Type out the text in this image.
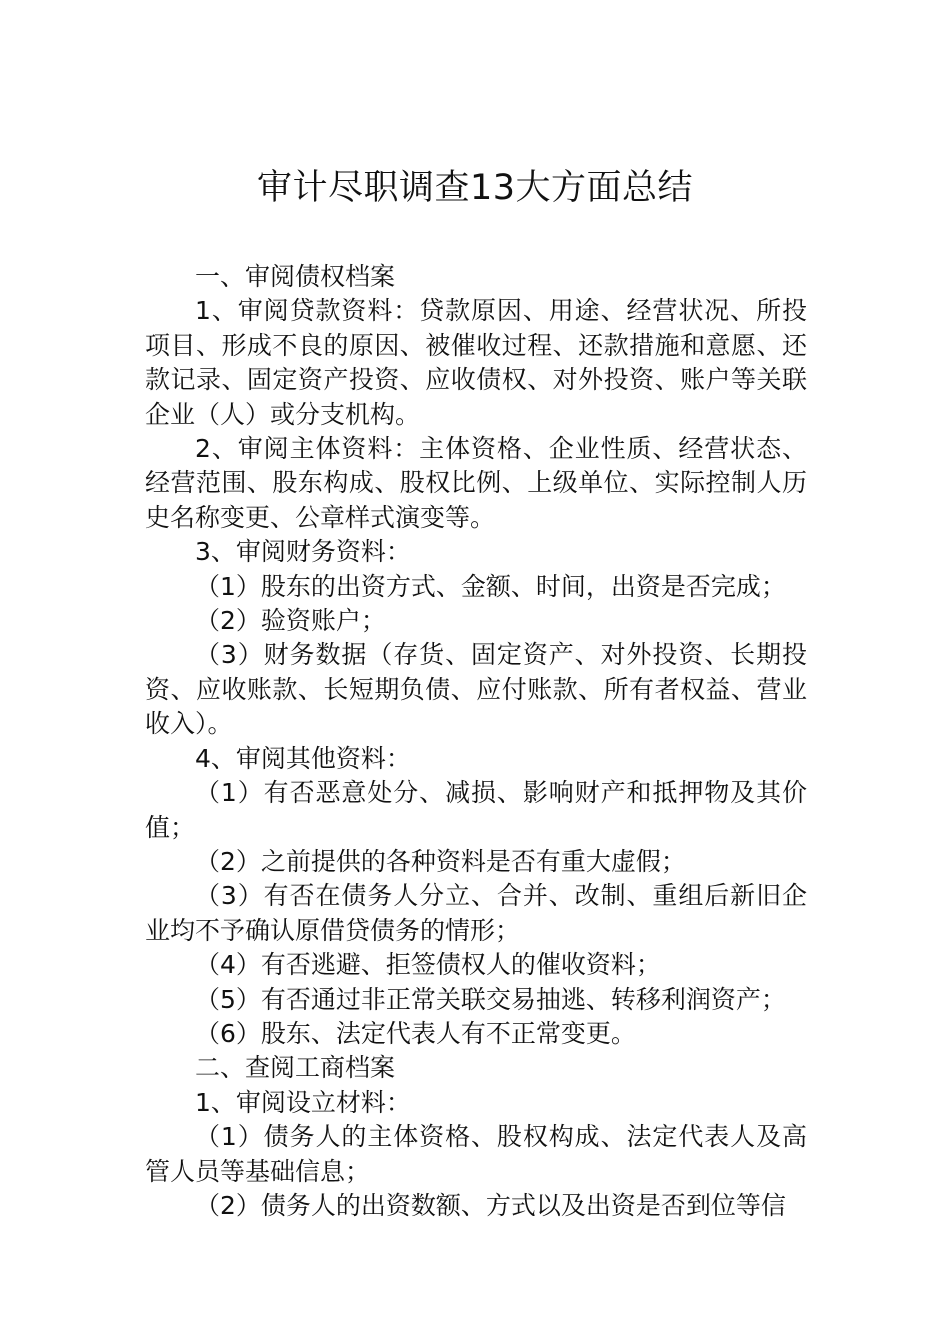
审计尽职调查13大方面总结

一、审阅债权档案

1、审阅贷款资料：贷款原因、用途、经营状况、所投项目、形成不良的原因、被催收过程、还款措施和意愿、还款记录、固定资产投资、应收债权、对外投资、账户等关联企业（人）或分支机构。

2、审阅主体资料：主体资格、企业性质、经营状态、经营范围、股东构成、股权比例、上级单位、实际控制人历史名称变更、公章样式演变等。

3、审阅财务资料：

（1）股东的出资方式、金额、时间，出资是否完成；

（2）验资账户；

（3）财务数据（存货、固定资产、对外投资、长期投资、应收账款、长短期负债、应付账款、所有者权益、营业收入）。

4、审阅其他资料：

（1）有否恶意处分、减损、影响财产和抵押物及其价值；

（2）之前提供的各种资料是否有重大虚假；

（3）有否在债务人分立、合并、改制、重组后新旧企业均不予确认原借贷债务的情形；

（4）有否逃避、拒签债权人的催收资料；

（5）有否通过非正常关联交易抽逃、转移利润资产；

（6）股东、法定代表人有不正常变更。

二、查阅工商档案

1、审阅设立材料：

（1）债务人的主体资格、股权构成、法定代表人及高管人员等基础信息；

（2）债务人的出资数额、方式以及出资是否到位等信
